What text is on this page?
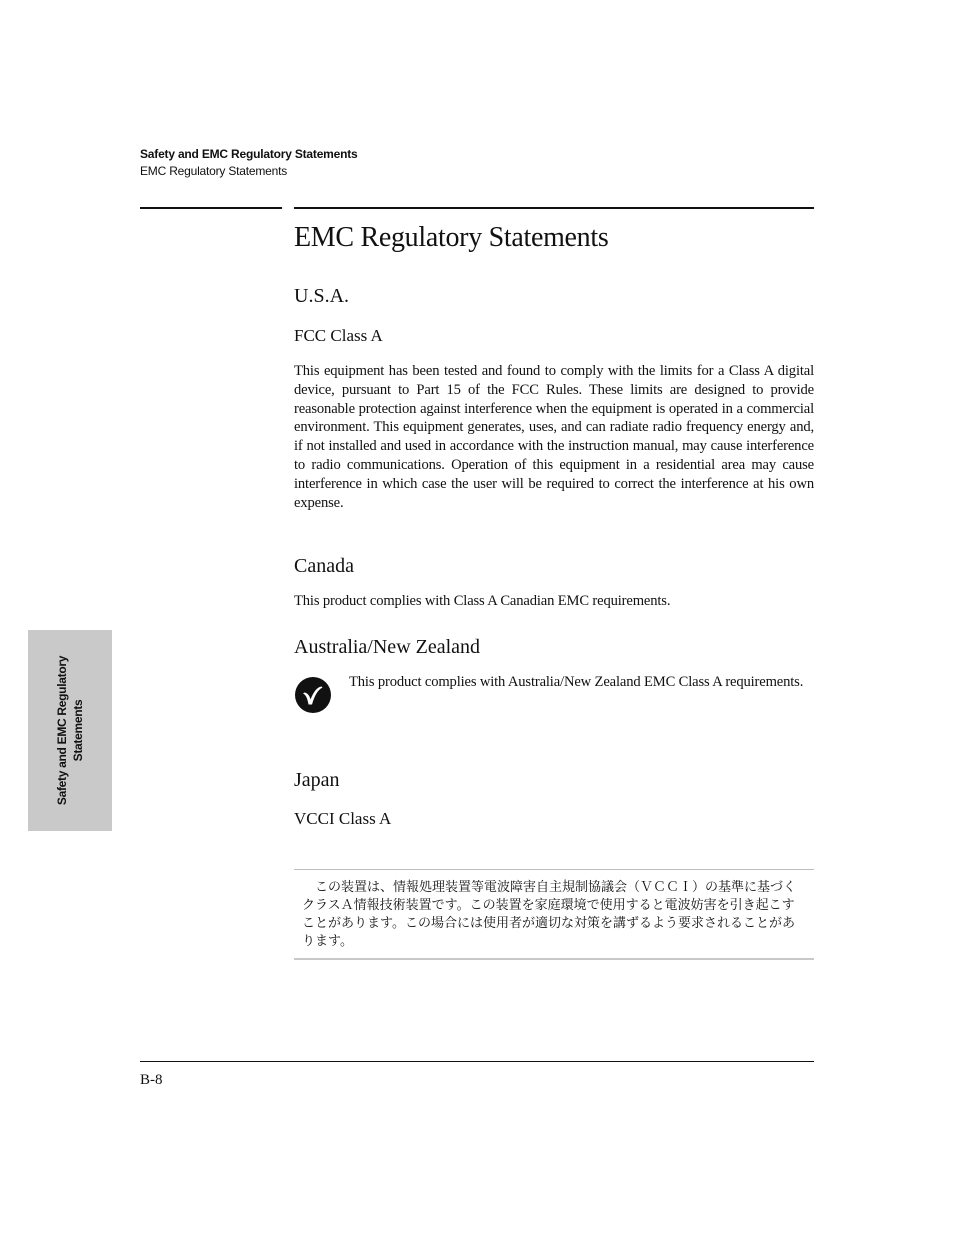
Safety and EMC Regulatory Statements
EMC Regulatory Statements
EMC Regulatory Statements
U.S.A.
FCC Class A

This equipment has been tested and found to comply with the limits for a Class A digital device, pursuant to Part 15 of the FCC Rules. These limits are designed to provide reasonable protection against interference when the equipment is operated in a commercial environment. This equipment generates, uses, and can radiate radio frequency energy and, if not installed and used in accordance with the instruction manual, may cause interference to radio communications. Operation of this equipment in a residential area may cause interference in which case the user will be required to correct the interference at his own expense.

Canada

This product complies with Class A Canadian EMC requirements.

Australia/New Zealand

This product complies with Australia/New Zealand EMC Class A requirements.

Japan
VCCI Class A

　この装置は、情報処理装置等電波障害自主規制協議会（ＶＣＣＩ）の基準に基づくクラスＡ情報技術装置です。この装置を家庭環境で使用すると電波妨害を引き起こすことがあります。この場合には使用者が適切な対策を講ずるよう要求されることがあります。

Safety and EMC Regulatory Statements
B-8
